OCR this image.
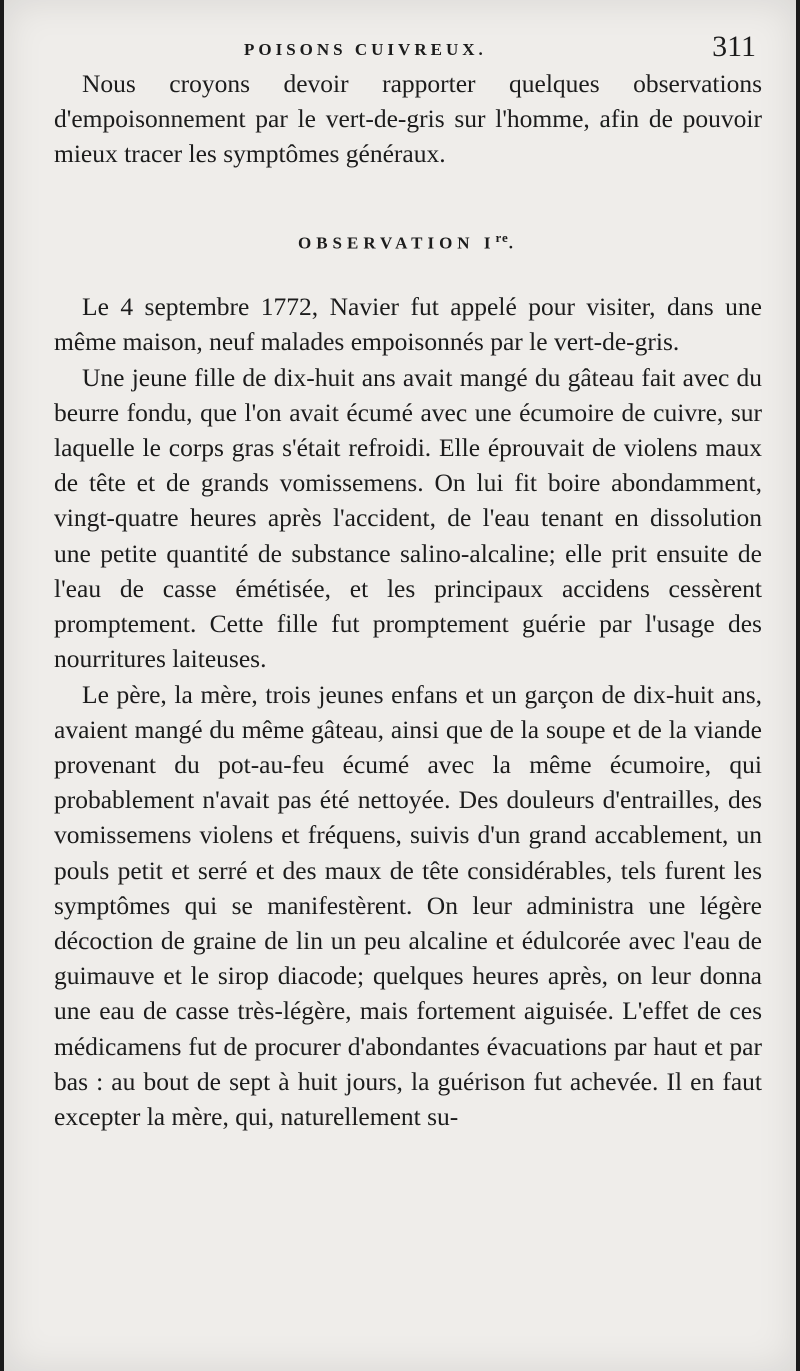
POISONS CUIVREUX.	311

Nous croyons devoir rapporter quelques observations d'empoisonnement par le vert-de-gris sur l'homme, afin de pouvoir mieux tracer les symptômes généraux.

OBSERVATION Ire.

Le 4 septembre 1772, Navier fut appelé pour visiter, dans une même maison, neuf malades empoisonnés par le vert-de-gris.

Une jeune fille de dix-huit ans avait mangé du gâteau fait avec du beurre fondu, que l'on avait écumé avec une écumoire de cuivre, sur laquelle le corps gras s'était refroidi. Elle éprouvait de violens maux de tête et de grands vomissemens. On lui fit boire abondamment, vingt-quatre heures après l'accident, de l'eau tenant en dissolution une petite quantité de substance salino-alcaline; elle prit ensuite de l'eau de casse émétisée, et les principaux accidens cessèrent promptement. Cette fille fut promptement guérie par l'usage des nourritures laiteuses.

Le père, la mère, trois jeunes enfans et un garçon de dix-huit ans, avaient mangé du même gâteau, ainsi que de la soupe et de la viande provenant du pot-au-feu écumé avec la même écumoire, qui probablement n'avait pas été nettoyée. Des douleurs d'entrailles, des vomissemens violens et fréquens, suivis d'un grand accablement, un pouls petit et serré et des maux de tête considérables, tels furent les symptômes qui se manifestèrent. On leur administra une légère décoction de graine de lin un peu alcaline et édulcorée avec l'eau de guimauve et le sirop diacode; quelques heures après, on leur donna une eau de casse très-légère, mais fortement aiguisée. L'effet de ces médicamens fut de procurer d'abondantes évacuations par haut et par bas : au bout de sept à huit jours, la guérison fut achevée. Il en faut excepter la mère, qui, naturellement su-
